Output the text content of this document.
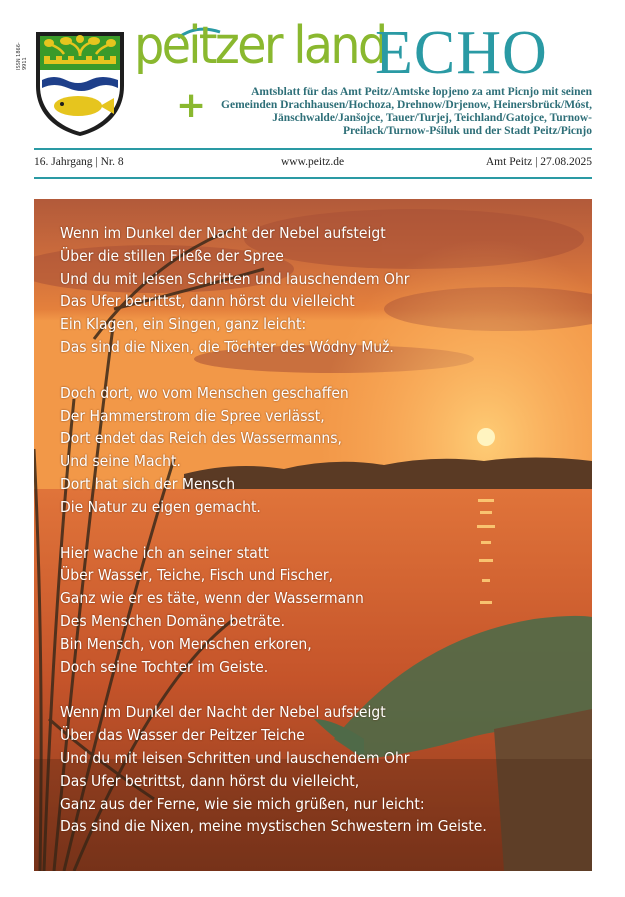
ISSN 1866-9911 peitzer land
ECHO
+	Amtsblatt für das Amt Peitz/Amtske łopjeno za amt Picnjo mit seinen Gemeinden Drachhausen/Hochoza, Drehnow/Drjenow, Heinersbrück/Móst, Jänschwalde/Janšojce, Tauer/Turjej, Teichland/Gatojce, Turnow-Preilack/Turnow-Pśiluk und der Stadt Peitz/Picnjo
16. Jahrgang | Nr. 8	www.peitz.de	Amt Peitz | 27.08.2025
Wenn im Dunkel der Nacht der Nebel aufsteigt
Über die stillen Fließe der Spree
Und du mit leisen Schritten und lauschendem Ohr
Das Ufer betrittst, dann hörst du vielleicht
Ein Klagen, ein Singen, ganz leicht:
Das sind die Nixen, die Töchter des Wódny Muž.
Doch dort, wo vom Menschen geschaffen
Der Hammerstrom die Spree verlässt,
Dort endet das Reich des Wassermanns,
Und seine Macht.
Dort hat sich der Mensch
Die Natur zu eigen gemacht.
Hier wache ich an seiner statt
Über Wasser, Teiche, Fisch und Fischer,
Ganz wie er es täte, wenn der Wassermann
Des Menschen Domäne beträte.
Bin Mensch, von Menschen erkoren,
Doch seine Tochter im Geiste.
Wenn im Dunkel der Nacht der Nebel aufsteigt
Über das Wasser der Peitzer Teiche
Und du mit leisen Schritten und lauschendem Ohr
Das Ufer betrittst, dann hörst du vielleicht,
Ganz aus der Ferne, wie sie mich grüßen, nur leicht:
Das sind die Nixen, meine mystischen Schwestern im Geiste.
